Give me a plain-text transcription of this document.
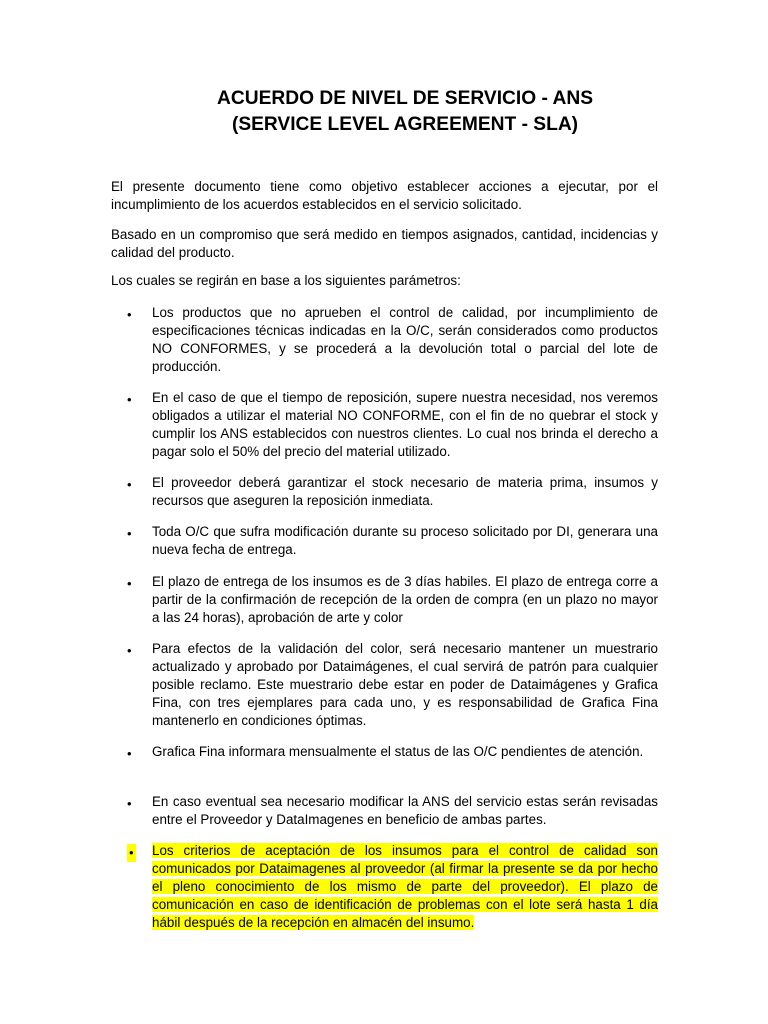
ACUERDO DE NIVEL DE SERVICIO - ANS
(SERVICE LEVEL AGREEMENT - SLA)

El presente documento tiene como objetivo establecer acciones a ejecutar, por el incumplimiento de los acuerdos establecidos en el servicio solicitado.

Basado en un compromiso que será medido en tiempos asignados, cantidad, incidencias y calidad del producto.

Los cuales se regirán en base a los siguientes parámetros:

• Los productos que no aprueben el control de calidad, por incumplimiento de especificaciones técnicas indicadas en la O/C, serán considerados como productos NO CONFORMES, y se procederá a la devolución total o parcial del lote de producción.
• En el caso de que el tiempo de reposición, supere nuestra necesidad, nos veremos obligados a utilizar el material NO CONFORME, con el fin de no quebrar el stock y cumplir los ANS establecidos con nuestros clientes. Lo cual nos brinda el derecho a pagar solo el 50% del precio del material utilizado.
• El proveedor deberá garantizar el stock necesario de materia prima, insumos y recursos que aseguren la reposición inmediata.
• Toda O/C que sufra modificación durante su proceso solicitado por DI, generara una nueva fecha de entrega.
• El plazo de entrega de los insumos es de 3 días habiles. El plazo de entrega corre a partir de la confirmación de recepción de la orden de compra (en un plazo no mayor a las 24 horas), aprobación de arte y color
• Para efectos de la validación del color, será necesario mantener un muestrario actualizado y aprobado por Dataimágenes, el cual servirá de patrón para cualquier posible reclamo. Este muestrario debe estar en poder de Dataimágenes y Grafica Fina, con tres ejemplares para cada uno, y es responsabilidad de Grafica Fina mantenerlo en condiciones óptimas.
• Grafica Fina informara mensualmente el status de las O/C pendientes de atención.
• En caso eventual sea necesario modificar la ANS del servicio estas serán revisadas entre el Proveedor y DataImagenes en beneficio de ambas partes.
• Los criterios de aceptación de los insumos para el control de calidad son comunicados por Dataimagenes al proveedor (al firmar la presente se da por hecho el pleno conocimiento de los mismo de parte del proveedor). El plazo de comunicación en caso de identificación de problemas con el lote será hasta 1 día hábil después de la recepción en almacén del insumo.
